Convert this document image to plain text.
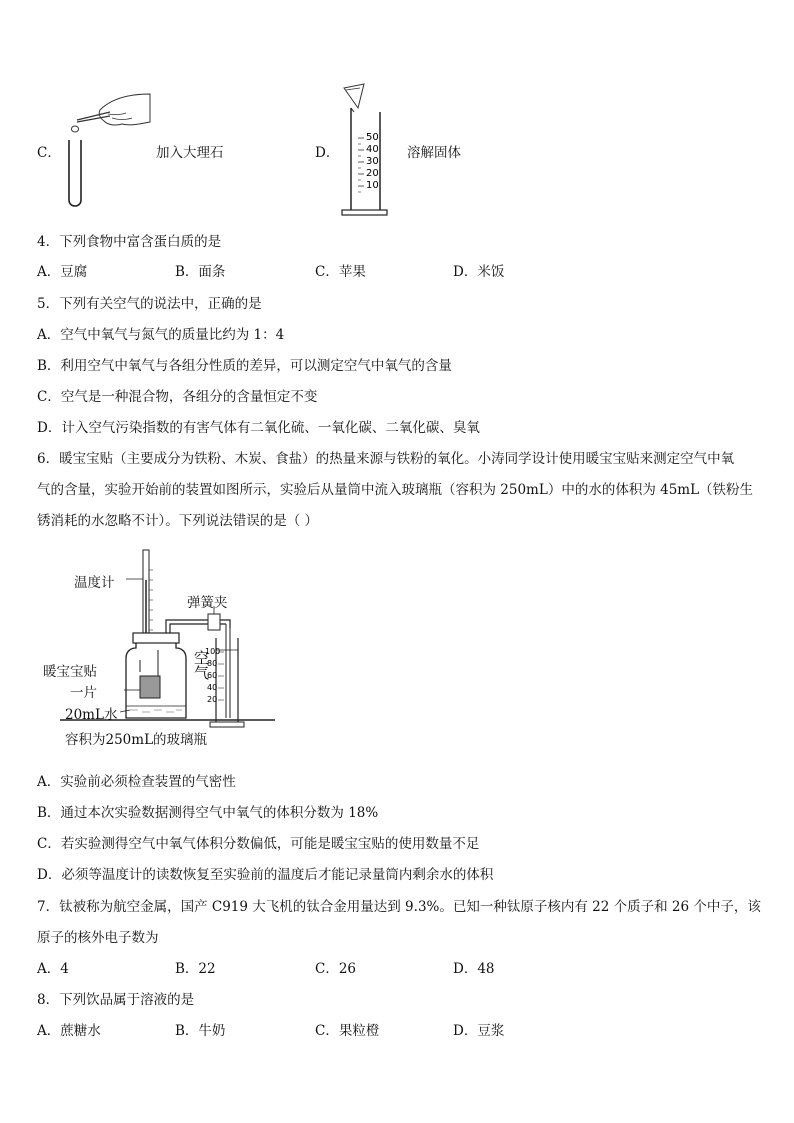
C．	加入大理石	D．
50
40
30
20
10
溶解固体
4．下列食物中富含蛋白质的是
A．豆腐	B．面条	C．苹果	D．米饭
5．下列有关空气的说法中，正确的是
A．空气中氧气与氮气的质量比约为 1：4
B．利用空气中氧气与各组分性质的差异，可以测定空气中氧气的含量
C．空气是一种混合物，各组分的含量恒定不变
D．计入空气污染指数的有害气体有二氧化硫、一氧化碳、二氧化碳、臭氧
6．暖宝宝贴（主要成分为铁粉、木炭、食盐）的热量来源与铁粉的氧化。小涛同学设计使用暖宝宝贴来测定空气中氧
气的含量，实验开始前的装置如图所示，实验后从量筒中流入玻璃瓶（容积为 250mL）中的水的体积为 45mL（铁粉生
锈消耗的水忽略不计）。下列说法错误的是（ ）
100
80
60
40
20
温度计
弹簧夹
暖宝宝贴
一片
空气
20mL水
容积为250mL的玻璃瓶
A．实验前必须检查装置的气密性
B．通过本次实验数据测得空气中氧气的体积分数为 18%
C．若实验测得空气中氧气体积分数偏低，可能是暖宝宝贴的使用数量不足
D．必须等温度计的读数恢复至实验前的温度后才能记录量筒内剩余水的体积
7．钛被称为航空金属，国产 C919 大飞机的钛合金用量达到 9.3%。已知一种钛原子核内有 22 个质子和 26 个中子，该
原子的核外电子数为
A．4	B．22	C．26	D．48
8．下列饮品属于溶液的是
A．蔗糖水	B．牛奶	C．果粒橙	D．豆浆
